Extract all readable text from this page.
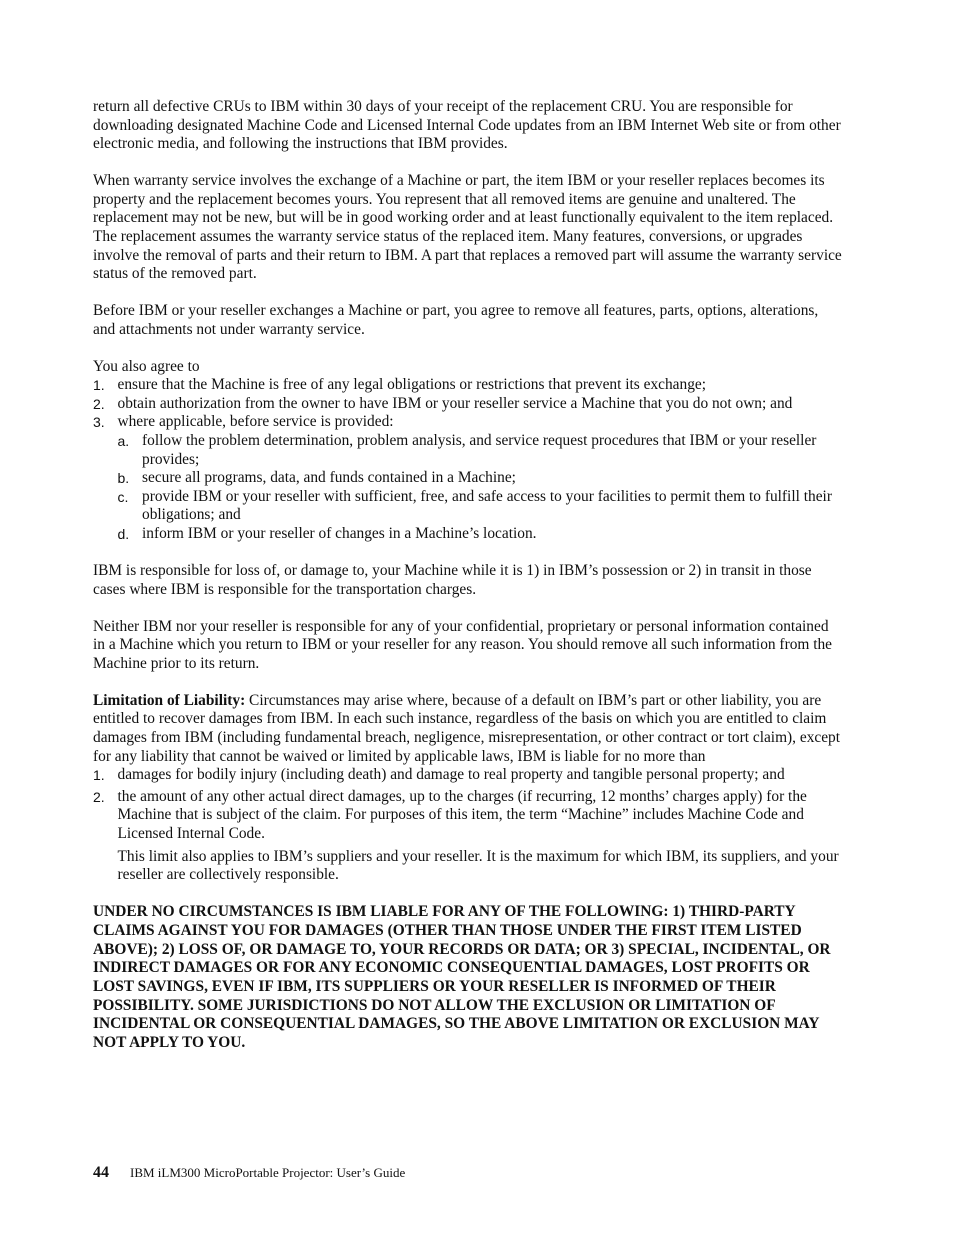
return all defective CRUs to IBM within 30 days of your receipt of the replacement CRU. You are responsible for downloading designated Machine Code and Licensed Internal Code updates from an IBM Internet Web site or from other electronic media, and following the instructions that IBM provides.

When warranty service involves the exchange of a Machine or part, the item IBM or your reseller replaces becomes its property and the replacement becomes yours. You represent that all removed items are genuine and unaltered. The replacement may not be new, but will be in good working order and at least functionally equivalent to the item replaced. The replacement assumes the warranty service status of the replaced item. Many features, conversions, or upgrades involve the removal of parts and their return to IBM. A part that replaces a removed part will assume the warranty service status of the removed part.

Before IBM or your reseller exchanges a Machine or part, you agree to remove all features, parts, options, alterations, and attachments not under warranty service.

You also agree to

1. ensure that the Machine is free of any legal obligations or restrictions that prevent its exchange;
2. obtain authorization from the owner to have IBM or your reseller service a Machine that you do not own; and
3. where applicable, before service is provided:
a. follow the problem determination, problem analysis, and service request procedures that IBM or your reseller provides;
b. secure all programs, data, and funds contained in a Machine;
c. provide IBM or your reseller with sufficient, free, and safe access to your facilities to permit them to fulfill their obligations; and
d. inform IBM or your reseller of changes in a Machine’s location.

IBM is responsible for loss of, or damage to, your Machine while it is 1) in IBM’s possession or 2) in transit in those cases where IBM is responsible for the transportation charges.

Neither IBM nor your reseller is responsible for any of your confidential, proprietary or personal information contained in a Machine which you return to IBM or your reseller for any reason. You should remove all such information from the Machine prior to its return.

Limitation of Liability: Circumstances may arise where, because of a default on IBM’s part or other liability, you are entitled to recover damages from IBM. In each such instance, regardless of the basis on which you are entitled to claim damages from IBM (including fundamental breach, negligence, misrepresentation, or other contract or tort claim), except for any liability that cannot be waived or limited by applicable laws, IBM is liable for no more than

1. damages for bodily injury (including death) and damage to real property and tangible personal property; and
2. the amount of any other actual direct damages, up to the charges (if recurring, 12 months’ charges apply) for the Machine that is subject of the claim. For purposes of this item, the term “Machine” includes Machine Code and Licensed Internal Code.
This limit also applies to IBM’s suppliers and your reseller. It is the maximum for which IBM, its suppliers, and your reseller are collectively responsible.

UNDER NO CIRCUMSTANCES IS IBM LIABLE FOR ANY OF THE FOLLOWING: 1) THIRD-PARTY CLAIMS AGAINST YOU FOR DAMAGES (OTHER THAN THOSE UNDER THE FIRST ITEM LISTED ABOVE); 2) LOSS OF, OR DAMAGE TO, YOUR RECORDS OR DATA; OR 3) SPECIAL, INCIDENTAL, OR INDIRECT DAMAGES OR FOR ANY ECONOMIC CONSEQUENTIAL DAMAGES, LOST PROFITS OR LOST SAVINGS, EVEN IF IBM, ITS SUPPLIERS OR YOUR RESELLER IS INFORMED OF THEIR POSSIBILITY. SOME JURISDICTIONS DO NOT ALLOW THE EXCLUSION OR LIMITATION OF INCIDENTAL OR CONSEQUENTIAL DAMAGES, SO THE ABOVE LIMITATION OR EXCLUSION MAY NOT APPLY TO YOU.

44 IBM iLM300 MicroPortable Projector: User’s Guide
